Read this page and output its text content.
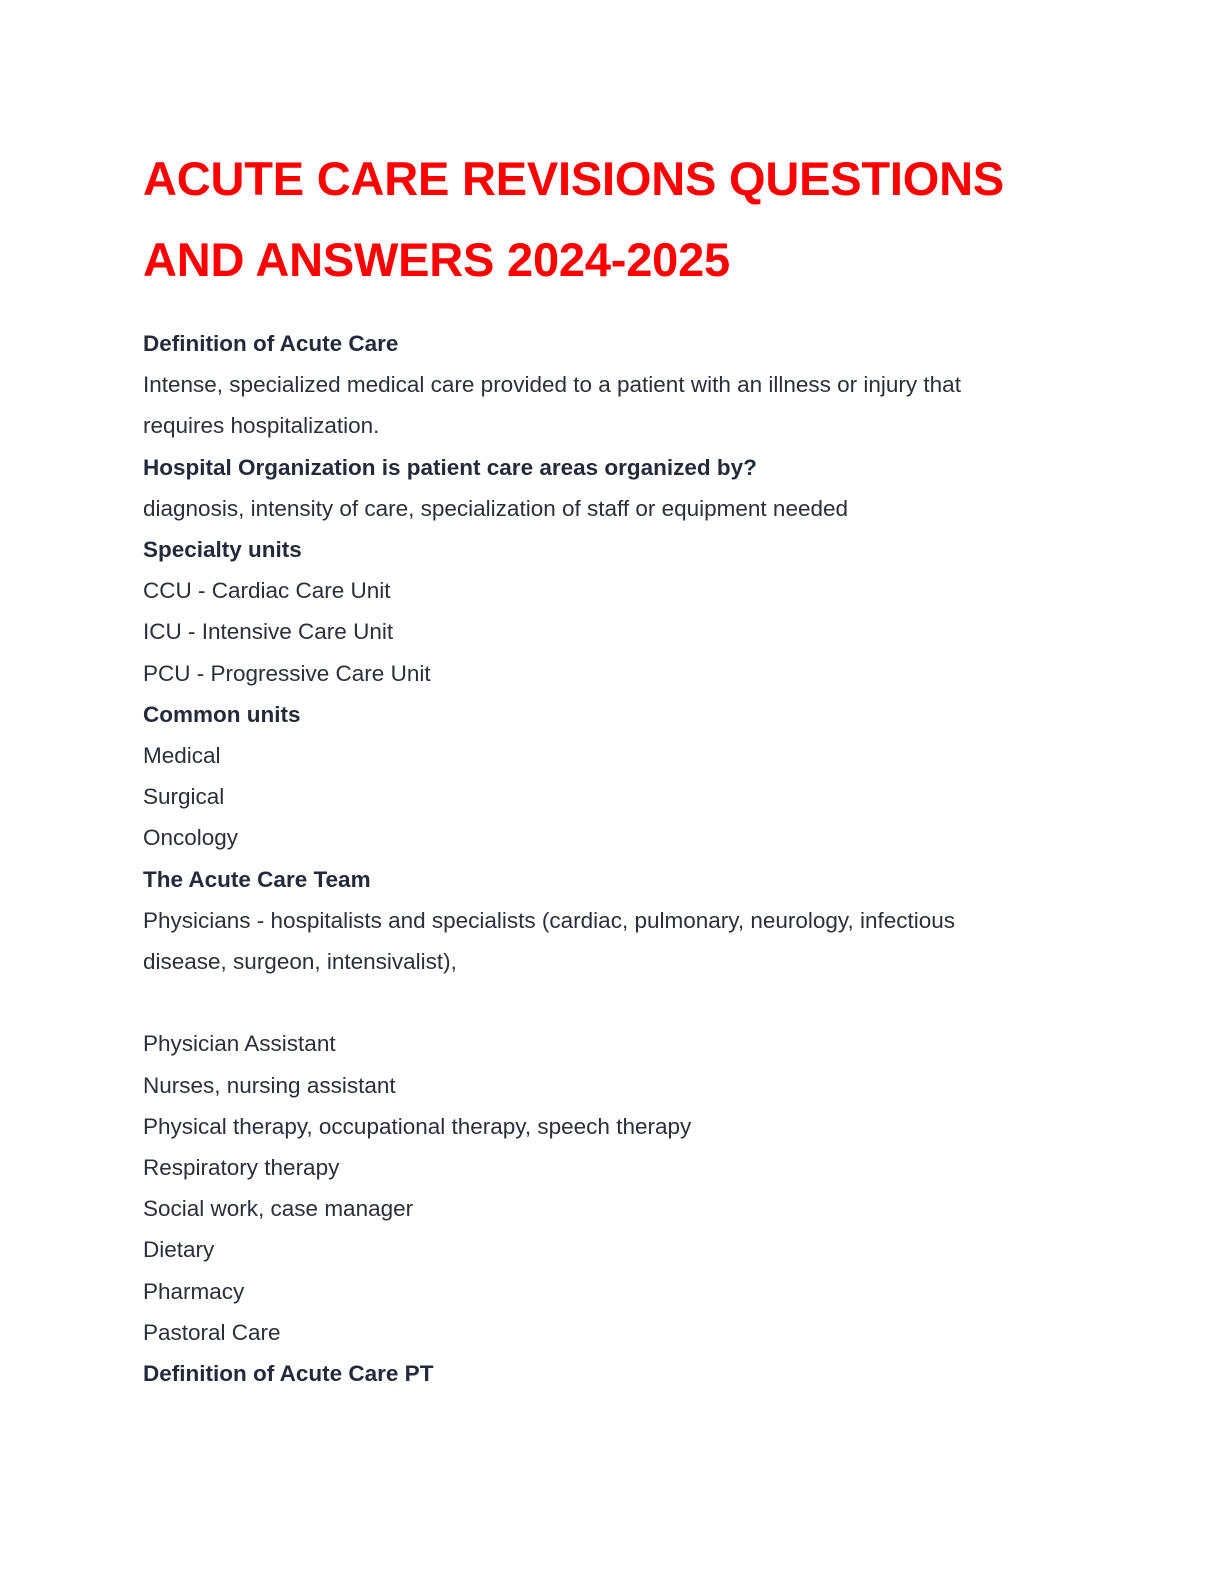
ACUTE CARE REVISIONS QUESTIONS
AND ANSWERS 2024-2025
Definition of Acute Care
Intense, specialized medical care provided to a patient with an illness or injury that
requires hospitalization.
Hospital Organization is patient care areas organized by?
diagnosis, intensity of care, specialization of staff or equipment needed
Specialty units
CCU - Cardiac Care Unit
ICU - Intensive Care Unit
PCU - Progressive Care Unit
Common units
Medical
Surgical
Oncology
The Acute Care Team
Physicians - hospitalists and specialists (cardiac, pulmonary, neurology, infectious
disease, surgeon, intensivalist),
Physician Assistant
Nurses, nursing assistant
Physical therapy, occupational therapy, speech therapy
Respiratory therapy
Social work, case manager
Dietary
Pharmacy
Pastoral Care
Definition of Acute Care PT
